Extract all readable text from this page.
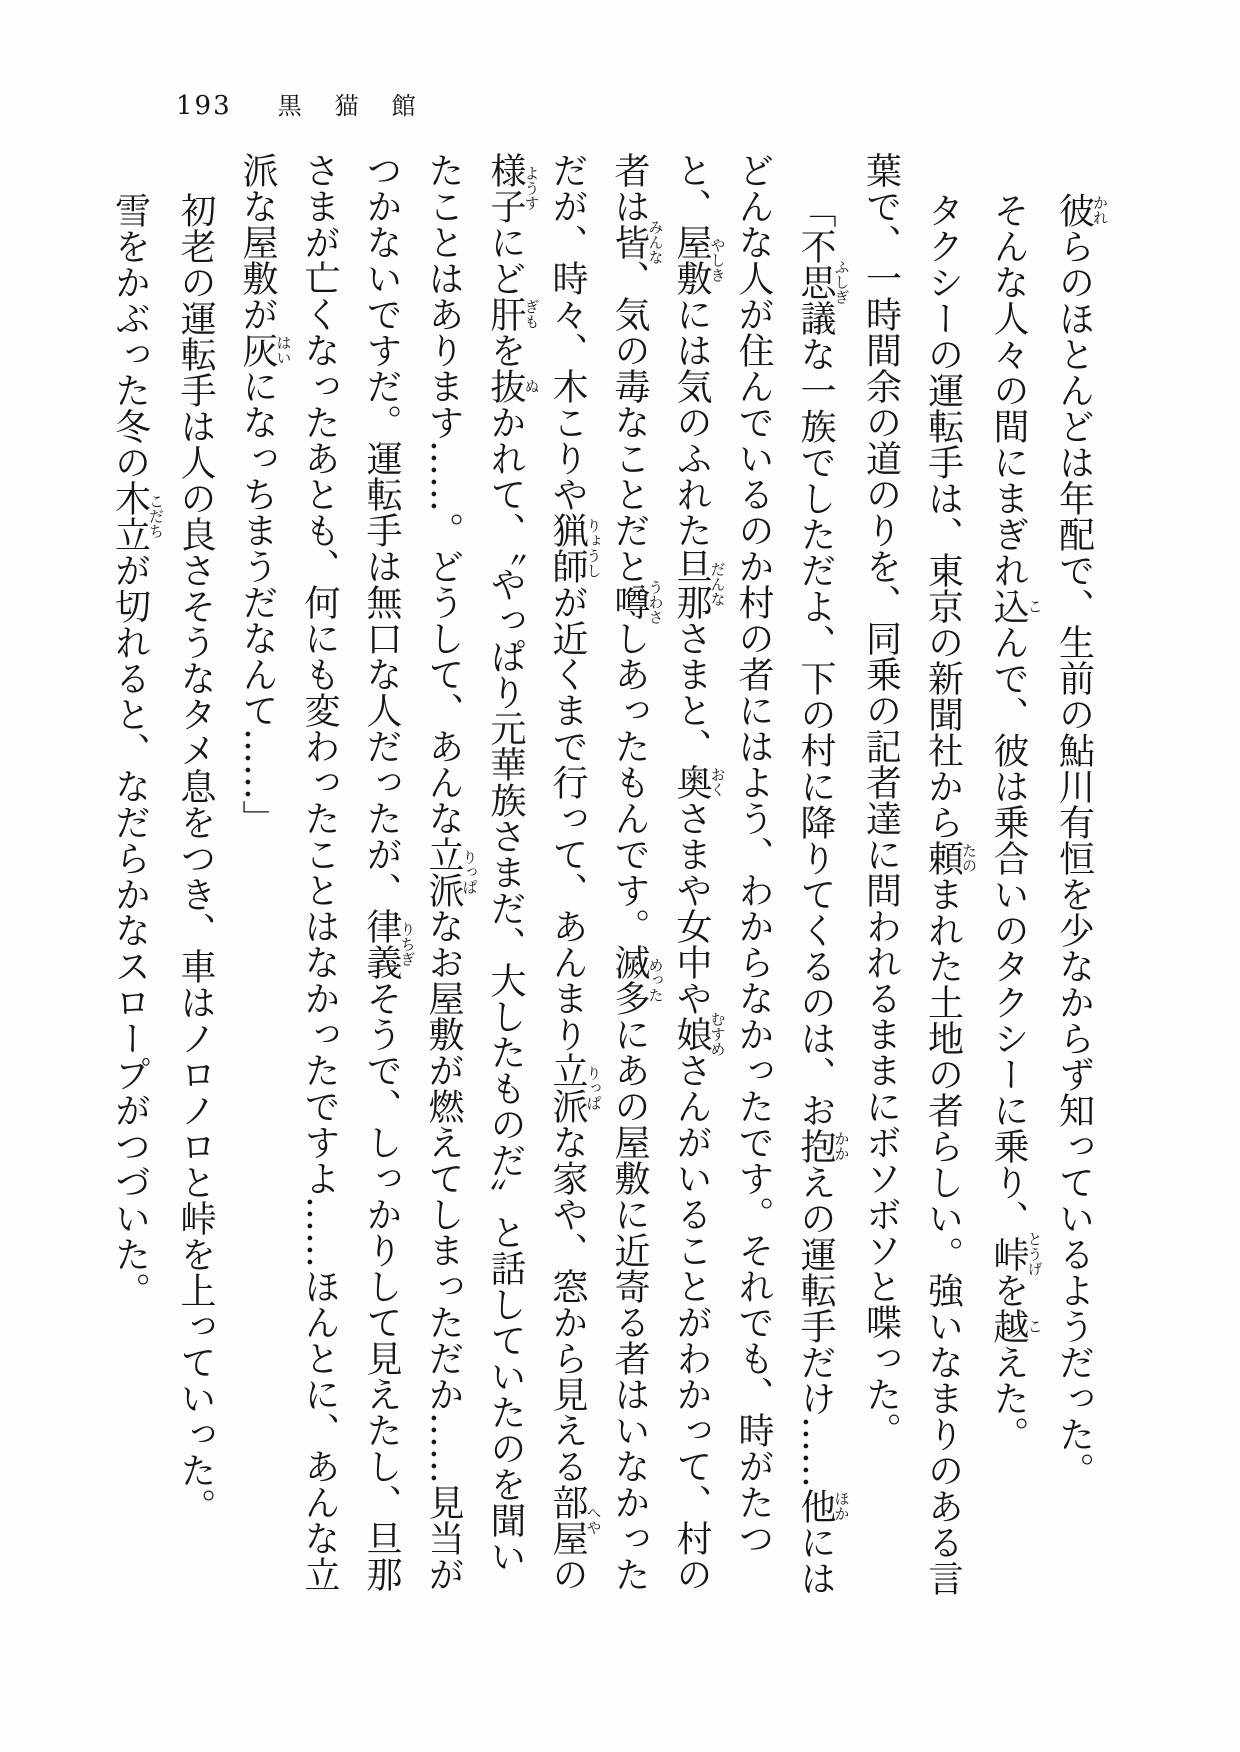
193 黒猫館

彼かれらのほとんどは年配で、生前の鮎川有恒を少なからず知っているようだった。

そんな人々の間にまぎれ込こんで、彼は乗合いのタクシーに乗り、峠とうげを越こえた。

タクシーの運転手は、東京の新聞社から頼たのまれた土地の者らしい。強いなまりのある言葉で、一時間余の道のりを、同乗の記者達に問われるままにボソボソと喋った。

「不思議ふしぎな一族でしただよ、下の村に降りてくるのは、お抱かかえの運転手だけ……他ほかにはどんな人が住んでいるのか村の者にはよう、わからなかったです。それでも、時がたつと、屋敷やしきには気のふれた旦那だんなさまと、奥おくさまや女中や娘むすめさんがいることがわかって、村の者は皆みんな、気の毒なことだと噂うわさしあったもんです。滅多めったにあの屋敷に近寄る者はいなかっただが、時々、木こりや猟師りょうしが近くまで行って、あんまり立派りっぱな家や、窓から見える部屋へやの様子ようすにど肝ぎもを抜ぬかれて、〝やっぱり元華族さまだ、大したものだ〟と話していたのを聞いたことはあります……。どうして、あんな立派りっぱなお屋敷が燃えてしまっただか……見当がつかないですだ。運転手は無口な人だったが、律義りちぎそうで、しっかりして見えたし、旦那さまが亡くなったあとも、何にも変わったことはなかったですよ……ほんとに、あんな立派な屋敷が灰はいになっちまうだなんて……」

初老の運転手は人の良さそうなタメ息をつき、車はノロノロと峠を上っていった。

雪をかぶった冬の木立こだちが切れると、なだらかなスロープがつづいた。
